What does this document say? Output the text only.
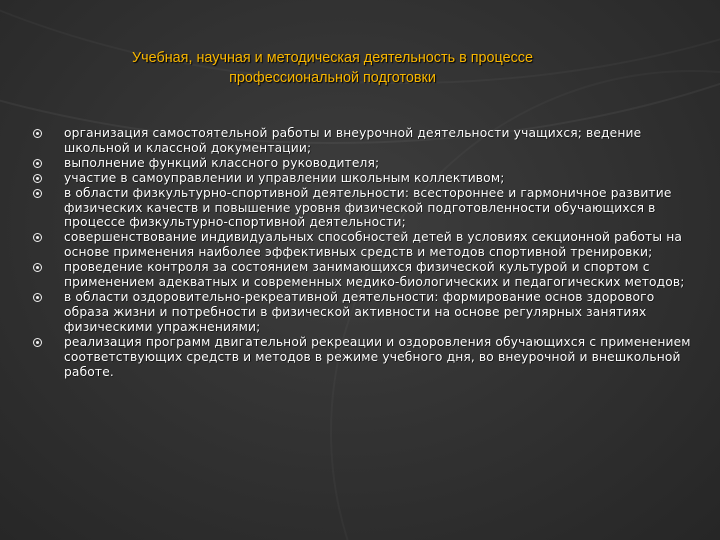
Учебная, научная и методическая деятельность в процессе
профессиональной подготовки
организация самостоятельной работы и внеурочной деятельности учащихся; ведение школьной и классной документации;
выполнение функций классного руководителя;
участие в самоуправлении и управлении школьным коллективом;
в области физкультурно-спортивной деятельности: всестороннее и гармоничное развитие физических качеств и повышение уровня физической подготовленности обучающихся в процессе физкультурно-спортивной деятельности;
совершенствование индивидуальных способностей детей в условиях секционной работы на основе применения наиболее эффективных средств и методов спортивной тренировки;
проведение контроля за состоянием занимающихся физической культурой и спортом с применением адекватных и современных медико-биологических и педагогических методов;
в области оздоровительно-рекреативной деятельности: формирование основ здорового образа жизни и потребности в физической активности на основе регулярных занятиях физическими упражнениями;
реализация программ двигательной рекреации и оздоровления обучающихся с применением соответствующих средств и методов в режиме учебного дня, во внеурочной и внешкольной работе.
